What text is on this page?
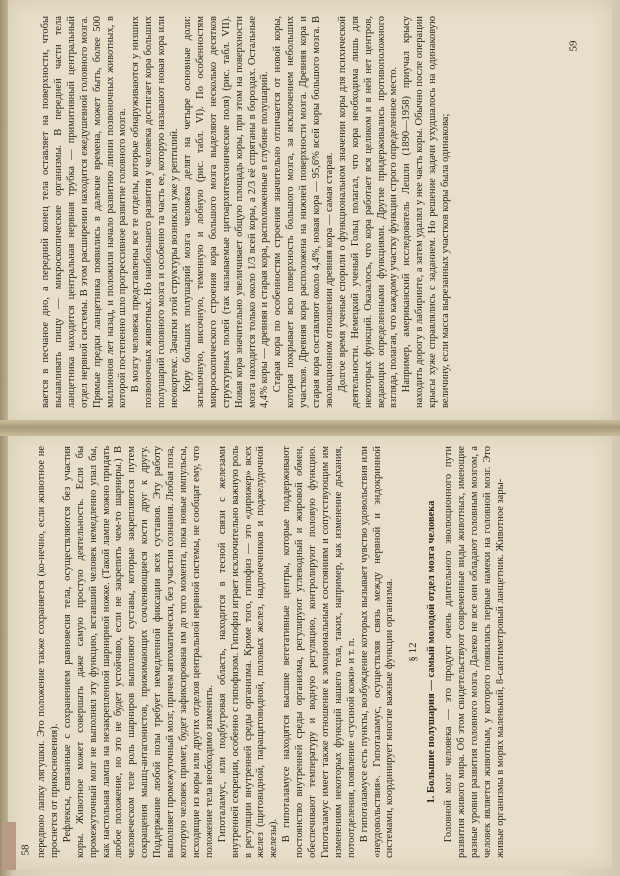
58 передвою лапку лягушки. Это положение также сохраняется (ко-нечно, если животное не проснется от прикосновения). Рефлексы, связанные с сохранением равновесия тела, осуществляются без участия коры. Животное может совершать даже самую простую деятельность. Если бы промежуточный мозг не выполнял эту функцию, вставший человек немедленно упал бы, как настольная лампа на незакрепленной шарнирной ножке. (Такой лампе можно придать любое положение, но это не будет устойчиво, если не закрепить чем-то шарниры.) В человеческом теле роль шарниров выполняют суставы, которые закрепляются путем сокращения мышц-антагонистов, прижимающих сочленяющиеся кости друг к другу. Поддержание любой позы требует немедленной фиксации всех суставов. Эту работу выполняет промежуточный мозг, причем автоматически, без участия сознания. Любая поза, которую человек примет, будет зафиксирована им до того момента, пока новые импульсы, исходящие из коры или других отделов центральной нервной системы, не сообщат ему, что положение тела необходимо изменить. Гипоталамус, или подбугровая область, находится в тесной связи с железами внутренней секреции, особенно с гипофизом. Гипофиз играет исключительно важную роль в регуляции внутренней среды организма. Кроме того, гипофиз — это «дирижер» всех желез (щитовидной, паращитовидной, половых желез, надпочечников и поджелудочной железы). В гипоталамусе находятся высшие вегетативные центры, которые поддерживают постоянство внутренней среды организма, регулируют углеводный и жировой обмен, обеспечивают температуру и водную регуляцию, контролируют половую функцию. Гипоталамус имеет также отношение к эмоциональным состояниям и сопутствующим им изменениям некоторых функций нашего тела, таких, например, как изменение дыхания, потоотделения, появление «гусиной кожи» и т. п. В гипоталамусе есть пункты, возбуждение которых вызывает чувство удовольствия или «неудовольствия». Гипоталамус, осуществляя связь между нервной и эндокринной системами, координирует многие важные функции организма. § 12 1. Большие полушария — самый молодой отдел мозга человека Головной мозг человека — это продукт очень длительного эволюционного пути развития живого мира. Об этом свидетельствуют современные виды животных, имеющие разные уровни развития головного мозга. Далеко не все они обладают головным мозгом, а человек является животным, у которого появились первые намеки на головной мозг. Это живые организмы в морях маленький, 8-сантиметровый ланцетник. Животное зары-

59

вается в песчаное дно, а передний конец тела оставляет на поверхности, чтобы вылавливать пищу — микроскопические организмы. В передней части тела ланцетника находится центральная нервная трубка — примитивный центральный отдел нервной системы. В этом расширении находится ежедушевной головного мозга. Прямые предки ланцетника появились в далекие времена, может быть, более 500 миллионов лет назад, и положили начало развитию линии позвоночных животных, в которой постепенно шло прогрессивное развитие головного мозга. В мозгу человека представлены все те отделы, которые обнаруживаются у низших позвоночных животных. Но наибольшего развития у человека достигает кора больших полушарий головного мозга и особенно та часть ее, которую называют новая кора или неокортекс. Зачатки этой структуры возникли уже у рептилий. Кору больших полушарий мозга человека делят на четыре основные доли: затылочную, височную, теменную и лобную (рис. табл. VI). По особенностям микроскопического строения кора большого мозга выделяют несколько десятков структурных полей (так называемые цитоархитектонические поля) (рис. табл. VII). Новая кора значительно увеличивает общую площадь коры, при этом на поверхности мозга находится только около 1/3 всей коры, а 2/3 её спрятаны в бороздах. Остальные 4,4% коры — древняя и старая кора, расположенные в глубине полушарий. Старая кора по особенностям строения значительно отличается от новой коры, которая покрывает всю поверхность большого мозга, за исключением небольших участков. Древняя кора расположена на нижней поверхности мозга. Древняя кора и старая кора составляют около 4,4%, новая кора — 95,6% всей коры большого мозга. В эволюционном отношении древняя кора — самая старая. Долгое время ученые спорили о функциональном значении коры для психической деятельности. Немецкий ученый Гольц полагал, что кора необходима лишь для некоторых функций. Оказалось, что кора работает вся целиком и в ней нет центров, ведающих определенными функциями. Другие придерживались противоположного взгляда, полагая, что каждому участку функции строго определенное место. Например, американский исследователь Лешли (1890—1958) приучал крысу находить дорогу в лабиринте, а затем удалял у нее часть коры. Обычно после операции крысы хуже справлялись с заданием. Но решение задачи ухудшалось на одинаковую величину, если масса вырезанных участков коры была одинакова;
